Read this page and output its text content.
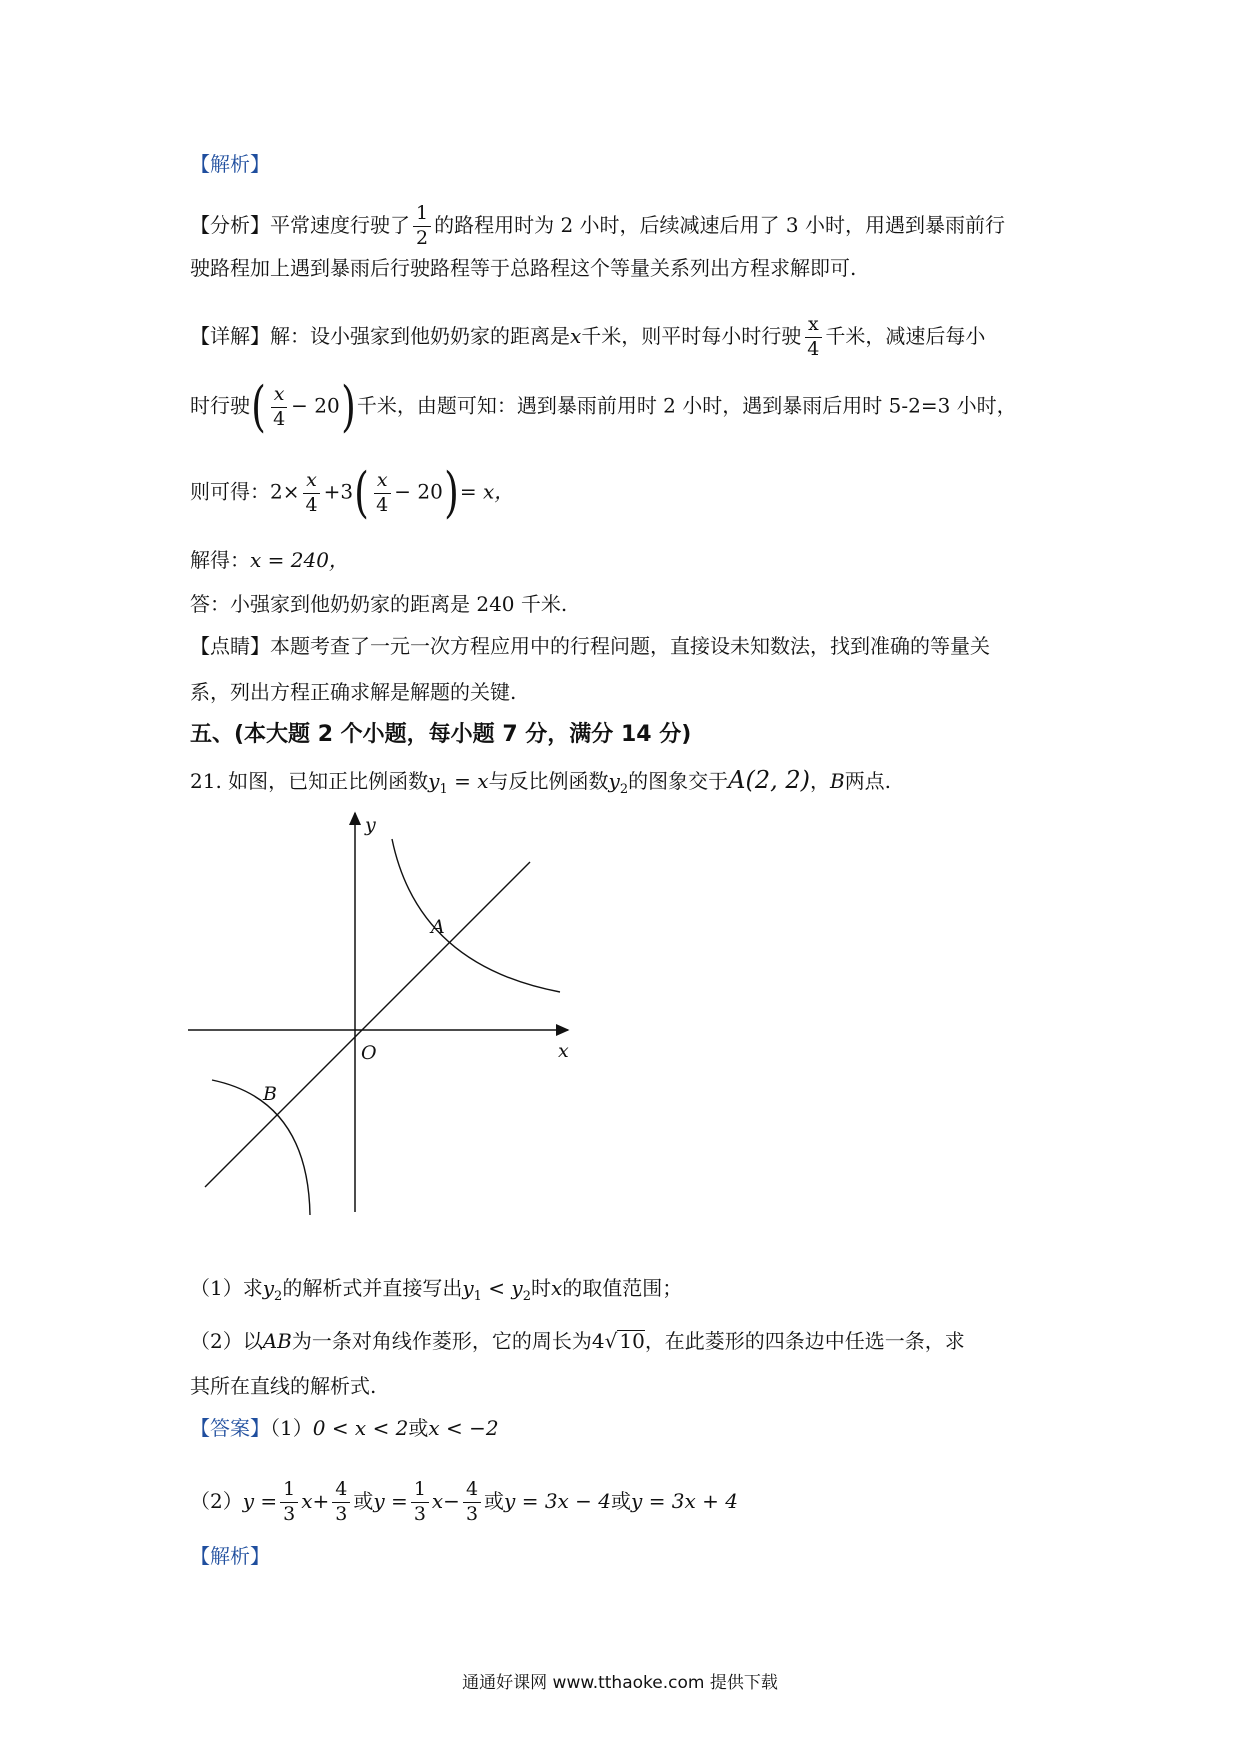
【解析】
【分析】平常速度行驶了 $\frac{1}{2}$ 的路程用时为 2 小时，后续减速后用了 3 小时，用遇到暴雨前行
驶路程加上遇到暴雨后行驶路程等于总路程这个等量关系列出方程求解即可.
【详解】解：设小强家到他奶奶家的距离是x千米，则平时每小时行驶 $\frac{x}{4}$ 千米，减速后每小
时行驶( $\frac{x}{4} - 20$)千米，由题可知：遇到暴雨前用时 2 小时，遇到暴雨后用时 5-2=3 小时，
则可得：$2\times \frac{x}{4} +3( \frac{x}{4} - 20)= x$，
解得：x = 240，
答：小强家到他奶奶家的距离是 240 千米.
【点睛】本题考查了一元一次方程应用中的行程问题，直接设未知数法，找到准确的等量关
系，列出方程正确求解是解题的关键.
五、(本大题 2 个小题，每小题 7 分，满分 14 分)
21. 如图，已知正比例函数$y_1 = x$与反比例函数$y_2$的图象交于A(2, 2)，B两点.
y
x
O
A
B
（1）求$y_2$的解析式并直接写出$y_1 < y_2$时x的取值范围；
（2）以AB为一条对角线作菱形，它的周长为4√ 10，在此菱形的四条边中任选一条，求
其所在直线的解析式.
【答案】（1）0 < x < 2或x < −2
$(2)y = \frac{1}{3} x+ \frac{4}{3}$ 或$y = \frac{1}{3} x- \frac{4}{3}$ 或y = 3x − 4或y = 3x + 4
【解析】
通通好课网 www.tthaoke.com 提供下载
